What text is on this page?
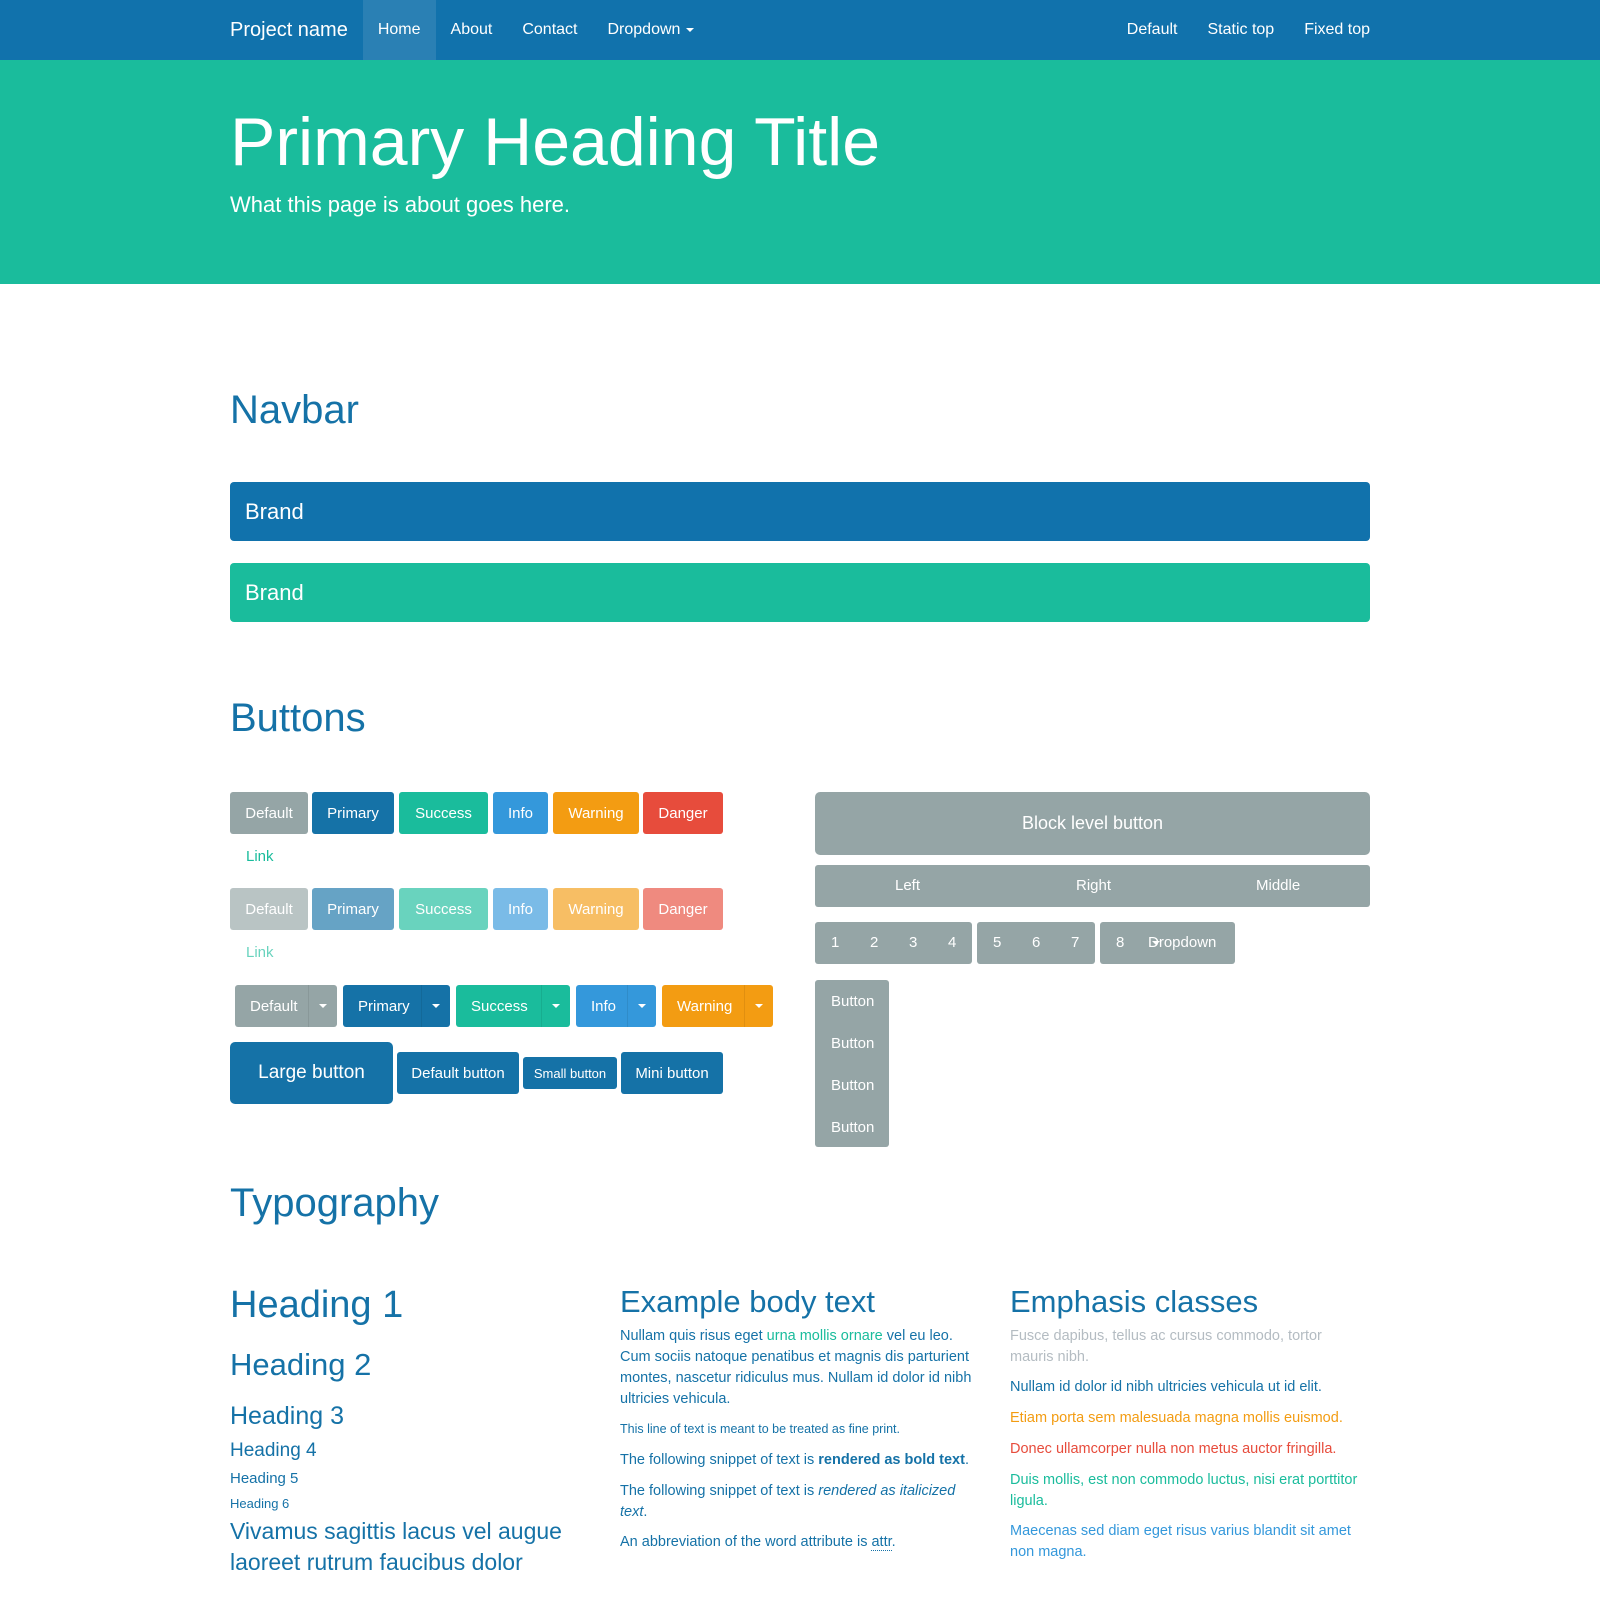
Project name	Home	About	Contact	Dropdown	Default	Static top	Fixed top
Primary Heading Title

What this page is about goes here.

Navbar
Brand
Brand
Buttons
Default	Primary	Success	Info	Warning	Danger
Link
Default	Primary	Success	Info	Warning	Danger
Link
Default	Primary	Success	Info	Warning
Large button	Default button	Small button	Mini button
Block level button
Left	Right	Middle
1 2 3 4 5 6 7 8 Dropdown
Button
Button
Button
Button
Typography
Heading 1
Heading 2
Heading 3
Heading 4
Heading 5
Heading 6

Vivamus sagittis lacus vel augue laoreet rutrum faucibus dolor

Example body text

Nullam quis risus eget urna mollis ornare vel eu leo. Cum sociis natoque penatibus et magnis dis parturient montes, nascetur ridiculus mus. Nullam id dolor id nibh ultricies vehicula.

This line of text is meant to be treated as fine print.

The following snippet of text is rendered as bold text.

The following snippet of text is rendered as italicized text.

An abbreviation of the word attribute is attr.

Emphasis classes

Fusce dapibus, tellus ac cursus commodo, tortor mauris nibh.

Nullam id dolor id nibh ultricies vehicula ut id elit.

Etiam porta sem malesuada magna mollis euismod.

Donec ullamcorper nulla non metus auctor fringilla.

Duis mollis, est non commodo luctus, nisi erat porttitor ligula.

Maecenas sed diam eget risus varius blandit sit amet non magna.
